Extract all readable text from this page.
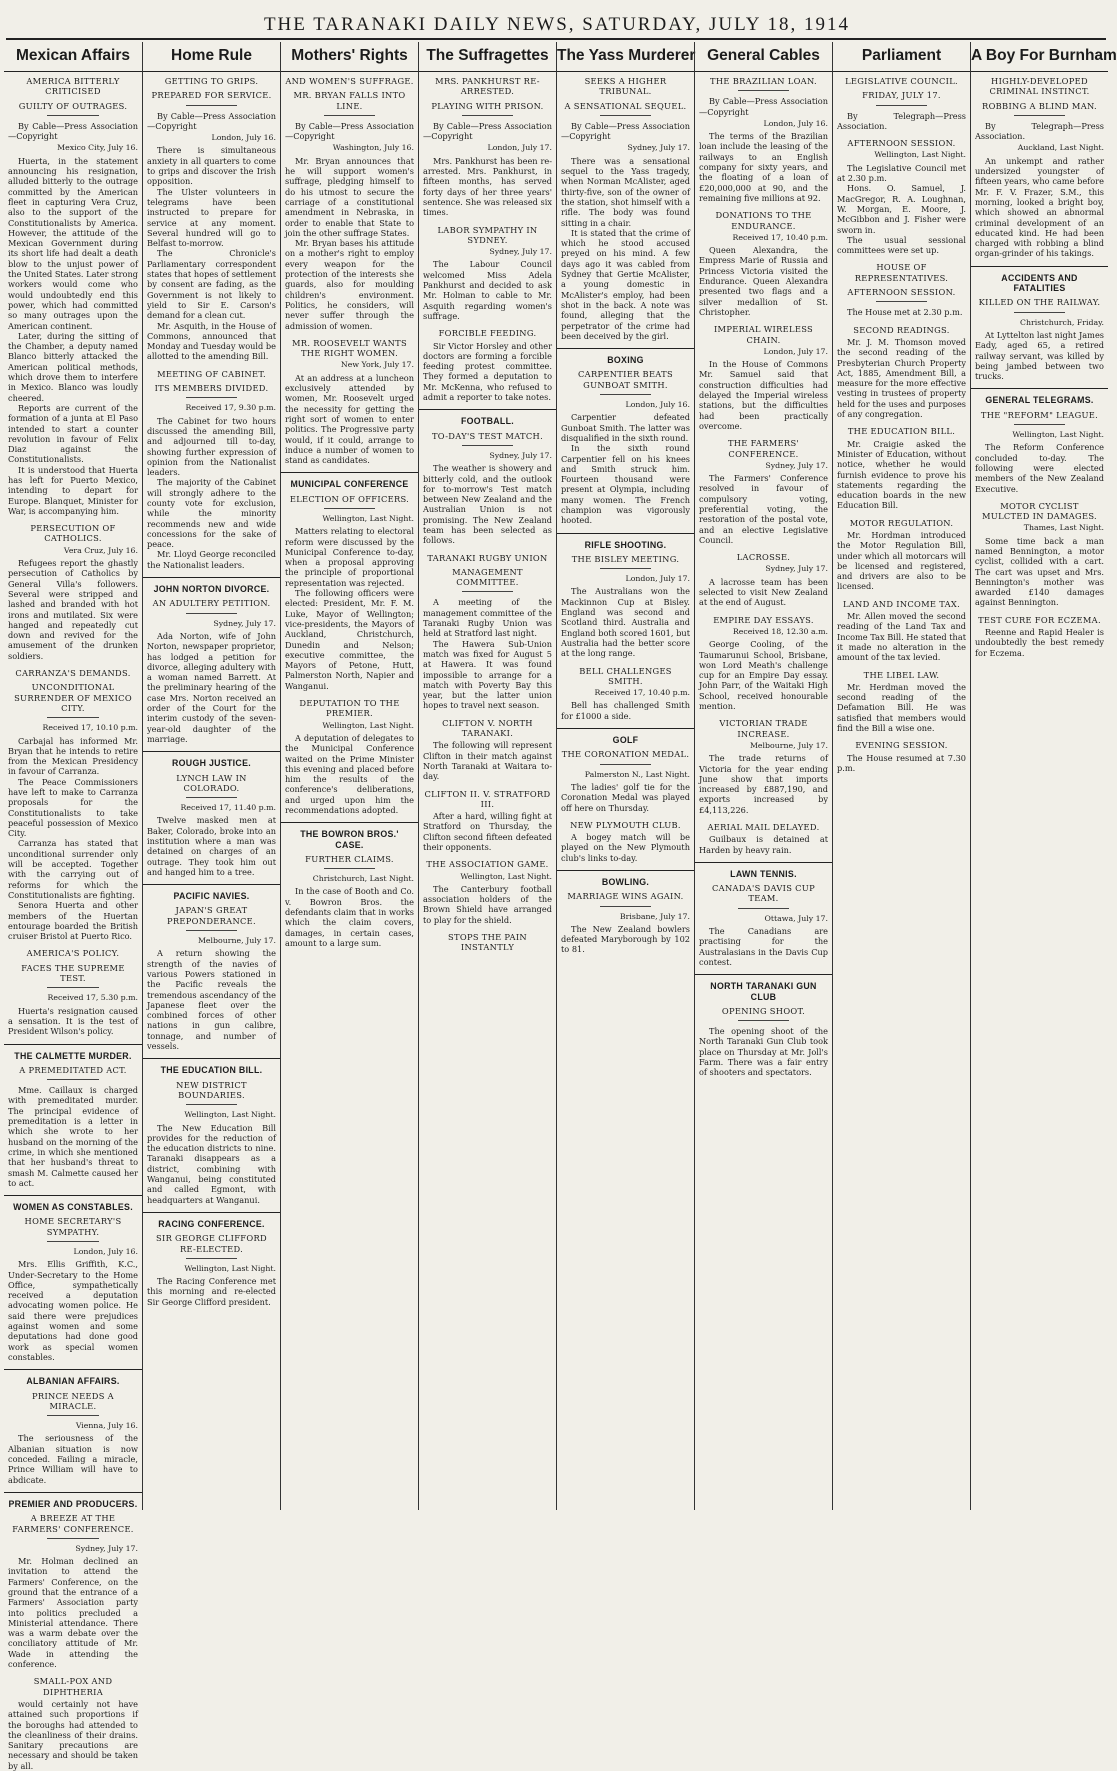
THE TARANAKI DAILY NEWS, SATURDAY, JULY 18, 1914
Mexican Affairs
AMERICA BITTERLY CRITICISED
GUILTY OF OUTRAGES.

By Cable—Press Association—Copyright

Mexico City, July 16.

Huerta, in the statement announcing his resignation, alluded bitterly to the outrage committed by the American fleet in capturing Vera Cruz, also to the support of the Constitutionalists by America. However, the attitude of the Mexican Government during its short life had dealt a death blow to the unjust power of the United States. Later strong workers would come who would undoubtedly end this power, which had committed so many outrages upon the American continent.

Later, during the sitting of the Chamber, a deputy named Blanco bitterly attacked the American political methods, which drove them to interfere in Mexico. Blanco was loudly cheered.

Reports are current of the formation of a junta at El Paso intended to start a counter revolution in favour of Felix Diaz against the Constitutionalists.

It is understood that Huerta has left for Puerto Mexico, intending to depart for Europe. Blanquet, Minister for War, is accompanying him.

PERSECUTION OF CATHOLICS.
Vera Cruz, July 16.

Refugees report the ghastly persecution of Catholics by General Villa's followers. Several were stripped and lashed and branded with hot irons and mutilated. Six were hanged and repeatedly cut down and revived for the amusement of the drunken soldiers.

CARRANZA'S DEMANDS.
UNCONDITIONAL SURRENDER OF MEXICO CITY.
Received 17, 10.10 p.m.

Carbajal has informed Mr. Bryan that he intends to retire from the Mexican Presidency in favour of Carranza.

The Peace Commissioners have left to make to Carranza proposals for the Constitutionalists to take peaceful possession of Mexico City.

Carranza has stated that unconditional surrender only will be accepted. Together with the carrying out of reforms for which the Constitutionalists are fighting.

Senora Huerta and other members of the Huertan entourage boarded the British cruiser Bristol at Puerto Rico.

AMERICA'S POLICY.
FACES THE SUPREME TEST.
Received 17, 5.30 p.m.

Huerta's resignation caused a sensation. It is the test of President Wilson's policy.

THE CALMETTE MURDER.
A PREMEDITATED ACT.

Mme. Caillaux is charged with premeditated murder. The principal evidence of premeditation is a letter in which she wrote to her husband on the morning of the crime, in which she mentioned that her husband's threat to smash M. Calmette caused her to act.

WOMEN AS CONSTABLES.
HOME SECRETARY'S SYMPATHY.
London, July 16.

Mrs. Ellis Griffith, K.C., Under-Secretary to the Home Office, sympathetically received a deputation advocating women police. He said there were prejudices against women and some deputations had done good work as special women constables.

ALBANIAN AFFAIRS.
PRINCE NEEDS A MIRACLE.
Vienna, July 16.

The seriousness of the Albanian situation is now conceded. Failing a miracle, Prince William will have to abdicate.

PREMIER AND PRODUCERS.
A BREEZE AT THE FARMERS' CONFERENCE.
Sydney, July 17.

Mr. Holman declined an invitation to attend the Farmers' Conference, on the ground that the entrance of a Farmers' Association party into politics precluded a Ministerial attendance. There was a warm debate over the conciliatory attitude of Mr. Wade in attending the conference.

SMALL-POX AND DIPHTHERIA

would certainly not have attained such proportions if the boroughs had attended to the cleanliness of their drains. Sanitary precautions are necessary and should be taken by all.

Home Rule
GETTING TO GRIPS.
PREPARED FOR SERVICE.

By Cable—Press Association—Copyright

London, July 16.

There is simultaneous anxiety in all quarters to come to grips and discover the Irish opposition.

The Ulster volunteers in telegrams have been instructed to prepare for service at any moment. Several hundred will go to Belfast to-morrow.

The Chronicle's Parliamentary correspondent states that hopes of settlement by consent are fading, as the Government is not likely to yield to Sir E. Carson's demand for a clean cut.

Mr. Asquith, in the House of Commons, announced that Monday and Tuesday would be allotted to the amending Bill.

MEETING OF CABINET.
ITS MEMBERS DIVIDED.
Received 17, 9.30 p.m.

The Cabinet for two hours discussed the amending Bill, and adjourned till to-day, showing further expression of opinion from the Nationalist leaders.

The majority of the Cabinet will strongly adhere to the county vote for exclusion, while the minority recommends new and wide concessions for the sake of peace.

Mr. Lloyd George reconciled the Nationalist leaders.

JOHN NORTON DIVORCE.
AN ADULTERY PETITION.
Sydney, July 17.

Ada Norton, wife of John Norton, newspaper proprietor, has lodged a petition for divorce, alleging adultery with a woman named Barrett. At the preliminary hearing of the case Mrs. Norton received an order of the Court for the interim custody of the seven-year-old daughter of the marriage.

ROUGH JUSTICE.
LYNCH LAW IN COLORADO.
Received 17, 11.40 p.m.

Twelve masked men at Baker, Colorado, broke into an institution where a man was detained on charges of an outrage. They took him out and hanged him to a tree.

PACIFIC NAVIES.
JAPAN'S GREAT PREPONDERANCE.
Melbourne, July 17.

A return showing the strength of the navies of various Powers stationed in the Pacific reveals the tremendous ascendancy of the Japanese fleet over the combined forces of other nations in gun calibre, tonnage, and number of vessels.

THE EDUCATION BILL.
NEW DISTRICT BOUNDARIES.
Wellington, Last Night.

The New Education Bill provides for the reduction of the education districts to nine. Taranaki disappears as a district, combining with Wanganui, being constituted and called Egmont, with headquarters at Wanganui.

RACING CONFERENCE.
SIR GEORGE CLIFFORD RE-ELECTED.
Wellington, Last Night.

The Racing Conference met this morning and re-elected Sir George Clifford president.

Mothers' Rights
AND WOMEN'S SUFFRAGE.
MR. BRYAN FALLS INTO LINE.

By Cable—Press Association—Copyright

Washington, July 16.

Mr. Bryan announces that he will support women's suffrage, pledging himself to do his utmost to secure the carriage of a constitutional amendment in Nebraska, in order to enable that State to join the other suffrage States.

Mr. Bryan bases his attitude on a mother's right to employ every weapon for the protection of the interests she guards, also for moulding children's environment. Politics, he considers, will never suffer through the admission of women.

MR. ROOSEVELT WANTS THE RIGHT WOMEN.
New York, July 17.

At an address at a luncheon exclusively attended by women, Mr. Roosevelt urged the necessity for getting the right sort of women to enter politics. The Progressive party would, if it could, arrange to induce a number of women to stand as candidates.

MUNICIPAL CONFERENCE
ELECTION OF OFFICERS.
Wellington, Last Night.

Matters relating to electoral reform were discussed by the Municipal Conference to-day, when a proposal approving the principle of proportional representation was rejected.

The following officers were elected: President, Mr. F. M. Luke, Mayor of Wellington; vice-presidents, the Mayors of Auckland, Christchurch, Dunedin and Nelson; executive committee, the Mayors of Petone, Hutt, Palmerston North, Napier and Wanganui.

DEPUTATION TO THE PREMIER.
Wellington, Last Night.

A deputation of delegates to the Municipal Conference waited on the Prime Minister this evening and placed before him the results of the conference's deliberations, and urged upon him the recommendations adopted.

THE BOWRON BROS.' CASE.
FURTHER CLAIMS.
Christchurch, Last Night.

In the case of Booth and Co. v. Bowron Bros. the defendants claim that in works which the claim covers, damages, in certain cases, amount to a large sum.

The Suffragettes
MRS. PANKHURST RE-ARRESTED.
PLAYING WITH PRISON.

By Cable—Press Association—Copyright

London, July 17.

Mrs. Pankhurst has been re-arrested. Mrs. Pankhurst, in fifteen months, has served forty days of her three years' sentence. She was released six times.

LABOR SYMPATHY IN SYDNEY.
Sydney, July 17.

The Labour Council welcomed Miss Adela Pankhurst and decided to ask Mr. Holman to cable to Mr. Asquith regarding women's suffrage.

FORCIBLE FEEDING.

Sir Victor Horsley and other doctors are forming a forcible feeding protest committee. They formed a deputation to Mr. McKenna, who refused to admit a reporter to take notes.

FOOTBALL.
TO-DAY'S TEST MATCH.
Sydney, July 17.

The weather is showery and bitterly cold, and the outlook for to-morrow's Test match between New Zealand and the Australian Union is not promising. The New Zealand team has been selected as follows.

TARANAKI RUGBY UNION
MANAGEMENT COMMITTEE.

A meeting of the management committee of the Taranaki Rugby Union was held at Stratford last night.

The Hawera Sub-Union match was fixed for August 5 at Hawera. It was found impossible to arrange for a match with Poverty Bay this year, but the latter union hopes to travel next season.

CLIFTON V. NORTH TARANAKI.

The following will represent Clifton in their match against North Taranaki at Waitara to-day.

CLIFTON II. V. STRATFORD III.

After a hard, willing fight at Stratford on Thursday, the Clifton second fifteen defeated their opponents.

THE ASSOCIATION GAME.
Wellington, Last Night.

The Canterbury football association holders of the Brown Shield have arranged to play for the shield.

STOPS THE PAIN INSTANTLY
The Yass Murderer
SEEKS A HIGHER TRIBUNAL.
A SENSATIONAL SEQUEL.

By Cable—Press Association—Copyright

Sydney, July 17.

There was a sensational sequel to the Yass tragedy, when Norman McAlister, aged thirty-five, son of the owner of the station, shot himself with a rifle. The body was found sitting in a chair.

It is stated that the crime of which he stood accused preyed on his mind. A few days ago it was cabled from Sydney that Gertie McAlister, a young domestic in McAlister's employ, had been shot in the back. A note was found, alleging that the perpetrator of the crime had been deceived by the girl.

BOXING
CARPENTIER BEATS GUNBOAT SMITH.
London, July 16.

Carpentier defeated Gunboat Smith. The latter was disqualified in the sixth round.

In the sixth round Carpentier fell on his knees and Smith struck him. Fourteen thousand were present at Olympia, including many women. The French champion was vigorously hooted.

RIFLE SHOOTING.
THE BISLEY MEETING.
London, July 17.

The Australians won the Mackinnon Cup at Bisley. England was second and Scotland third. Australia and England both scored 1601, but Australia had the better score at the long range.

BELL CHALLENGES SMITH.
Received 17, 10.40 p.m.

Bell has challenged Smith for £1000 a side.

GOLF
THE CORONATION MEDAL.
Palmerston N., Last Night.

The ladies' golf tie for the Coronation Medal was played off here on Thursday.

NEW PLYMOUTH CLUB.

A bogey match will be played on the New Plymouth club's links to-day.

BOWLING.
MARRIAGE WINS AGAIN.
Brisbane, July 17.

The New Zealand bowlers defeated Maryborough by 102 to 81.

General Cables
THE BRAZILIAN LOAN.

By Cable—Press Association—Copyright

London, July 16.

The terms of the Brazilian loan include the leasing of the railways to an English company for sixty years, and the floating of a loan of £20,000,000 at 90, and the remaining five millions at 92.

DONATIONS TO THE ENDURANCE.
Received 17, 10.40 p.m.

Queen Alexandra, the Empress Marie of Russia and Princess Victoria visited the Endurance. Queen Alexandra presented two flags and a silver medallion of St. Christopher.

IMPERIAL WIRELESS CHAIN.
London, July 17.

In the House of Commons Mr. Samuel said that construction difficulties had delayed the Imperial wireless stations, but the difficulties had been practically overcome.

THE FARMERS' CONFERENCE.
Sydney, July 17.

The Farmers' Conference resolved in favour of compulsory voting, preferential voting, the restoration of the postal vote, and an elective Legislative Council.

LACROSSE.
Sydney, July 17.

A lacrosse team has been selected to visit New Zealand at the end of August.

EMPIRE DAY ESSAYS.
Received 18, 12.30 a.m.

George Cooling, of the Taumarunui School, Brisbane, won Lord Meath's challenge cup for an Empire Day essay. John Parr, of the Waitaki High School, received honourable mention.

VICTORIAN TRADE INCREASE.
Melbourne, July 17.

The trade returns of Victoria for the year ending June show that imports increased by £887,190, and exports increased by £4,113,226.

AERIAL MAIL DELAYED.

Guilbaux is detained at Harden by heavy rain.

LAWN TENNIS.
CANADA'S DAVIS CUP TEAM.
Ottawa, July 17.

The Canadians are practising for the Australasians in the Davis Cup contest.

NORTH TARANAKI GUN CLUB
OPENING SHOOT.

The opening shoot of the North Taranaki Gun Club took place on Thursday at Mr. Joll's Farm. There was a fair entry of shooters and spectators.

Parliament
LEGISLATIVE COUNCIL.
FRIDAY, JULY 17.

By Telegraph—Press Association.

AFTERNOON SESSION.
Wellington, Last Night.

The Legislative Council met at 2.30 p.m.

Hons. O. Samuel, J. MacGregor, R. A. Loughnan, W. Morgan, E. Moore, J. McGibbon and J. Fisher were sworn in.

The usual sessional committees were set up.

HOUSE OF REPRESENTATIVES.
AFTERNOON SESSION.

The House met at 2.30 p.m.

SECOND READINGS.

Mr. J. M. Thomson moved the second reading of the Presbyterian Church Property Act, 1885, Amendment Bill, a measure for the more effective vesting in trustees of property held for the uses and purposes of any congregation.

THE EDUCATION BILL.

Mr. Craigie asked the Minister of Education, without notice, whether he would furnish evidence to prove his statements regarding the education boards in the new Education Bill.

MOTOR REGULATION.

Mr. Hordman introduced the Motor Regulation Bill, under which all motorcars will be licensed and registered, and drivers are also to be licensed.

LAND AND INCOME TAX.

Mr. Allen moved the second reading of the Land Tax and Income Tax Bill. He stated that it made no alteration in the amount of the tax levied.

THE LIBEL LAW.

Mr. Herdman moved the second reading of the Defamation Bill. He was satisfied that members would find the Bill a wise one.

EVENING SESSION.

The House resumed at 7.30 p.m.

A Boy For Burnham
HIGHLY-DEVELOPED CRIMINAL INSTINCT.
ROBBING A BLIND MAN.

By Telegraph—Press Association.

Auckland, Last Night.

An unkempt and rather undersized youngster of fifteen years, who came before Mr. F. V. Frazer, S.M., this morning, looked a bright boy, which showed an abnormal criminal development of an educated kind. He had been charged with robbing a blind organ-grinder of his takings.

ACCIDENTS AND FATALITIES
KILLED ON THE RAILWAY.
Christchurch, Friday.

At Lyttelton last night James Eady, aged 65, a retired railway servant, was killed by being jambed between two trucks.

GENERAL TELEGRAMS.
THE "REFORM" LEAGUE.
Wellington, Last Night.

The Reform Conference concluded to-day. The following were elected members of the New Zealand Executive.

MOTOR CYCLIST MULCTED IN DAMAGES.
Thames, Last Night.

Some time back a man named Bennington, a motor cyclist, collided with a cart. The cart was upset and Mrs. Bennington's mother was awarded £140 damages against Bennington.

TEST CURE FOR ECZEMA.

Reenne and Rapid Healer is undoubtedly the best remedy for Eczema.
